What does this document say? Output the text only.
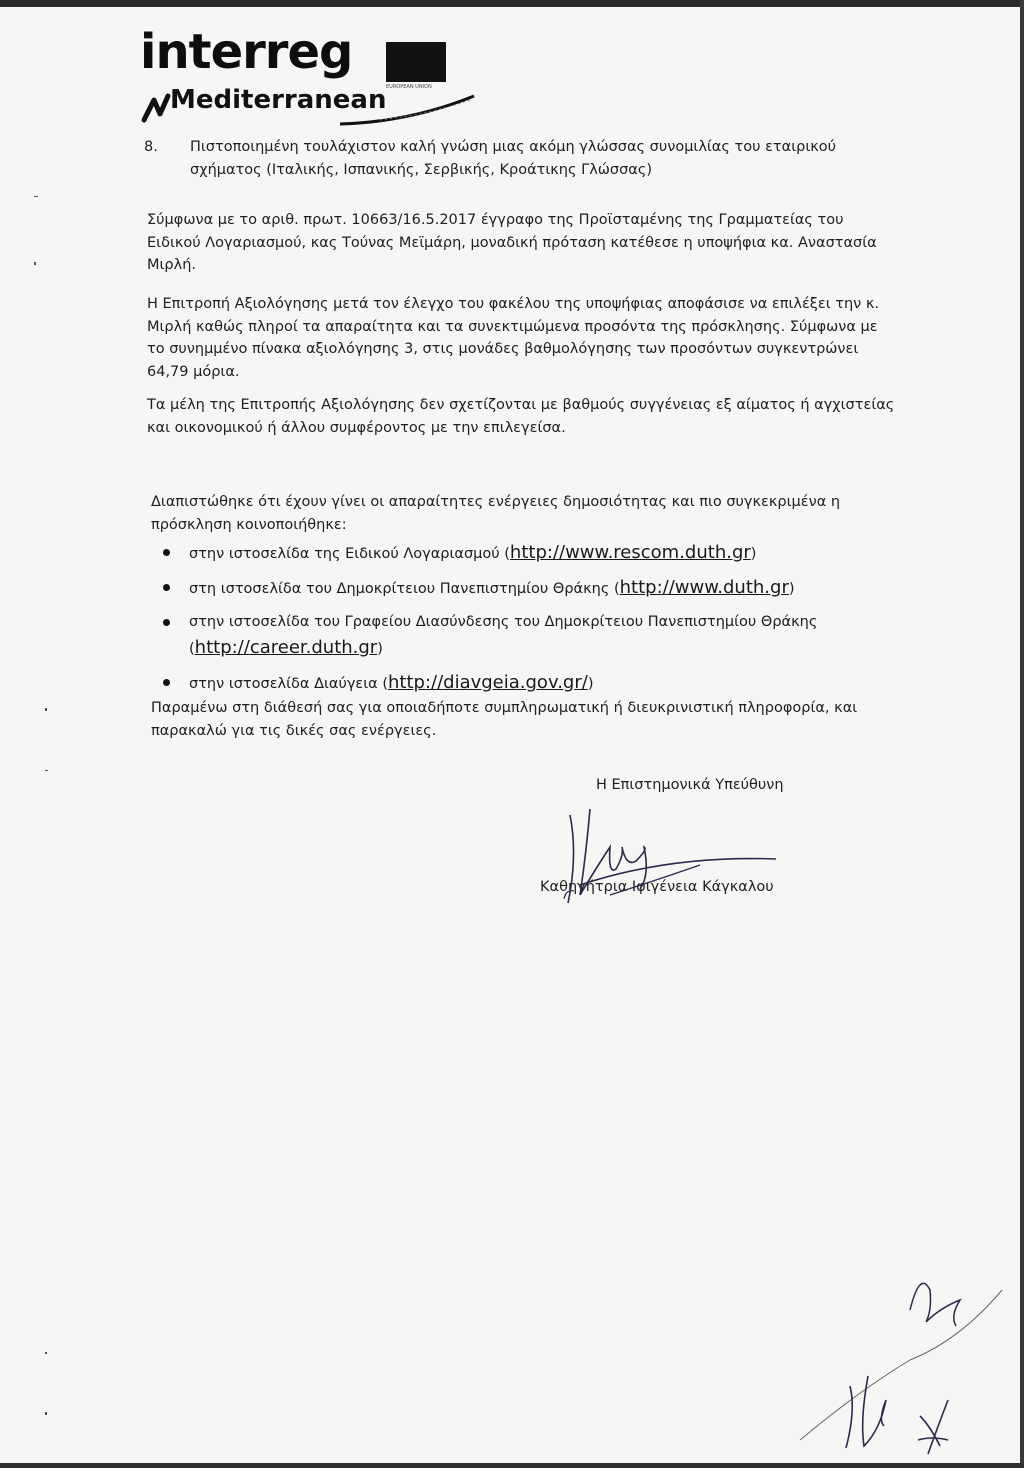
interreg
EUROPEAN UNION
Mediterranean
8. Πιστοποιημένη τουλάχιστον καλή γνώση μιας ακόμη γλώσσας συνομιλίας του εταιρικού σχήματος (Ιταλικής, Ισπανικής, Σερβικής, Κροάτικης Γλώσσας)
Σύμφωνα με το αριθ. πρωτ. 10663/16.5.2017 έγγραφο της Προϊσταμένης της Γραμματείας του Ειδικού Λογαριασμού, κας Τούνας Μεϊμάρη, μοναδική πρόταση κατέθεσε η υποψήφια κα. Αναστασία Μιρλή.
Η Επιτροπή Αξιολόγησης μετά τον έλεγχο του φακέλου της υποψήφιας αποφάσισε να επιλέξει την κ. Μιρλή καθώς πληροί τα απαραίτητα και τα συνεκτιμώμενα προσόντα της πρόσκλησης. Σύμφωνα με το συνημμένο πίνακα αξιολόγησης 3, στις μονάδες βαθμολόγησης των προσόντων συγκεντρώνει 64,79 μόρια.
Τα μέλη της Επιτροπής Αξιολόγησης δεν σχετίζονται με βαθμούς συγγένειας εξ αίματος ή αγχιστείας και οικονομικού ή άλλου συμφέροντος με την επιλεγείσα.
Διαπιστώθηκε ότι έχουν γίνει οι απαραίτητες ενέργειες δημοσιότητας και πιο συγκεκριμένα η πρόσκληση κοινοποιήθηκε:
στην ιστοσελίδα της Ειδικού Λογαριασμού (http://www.rescom.duth.gr)
στη ιστοσελίδα του Δημοκρίτειου Πανεπιστημίου Θράκης (http://www.duth.gr)
στην ιστοσελίδα του Γραφείου Διασύνδεσης του Δημοκρίτειου Πανεπιστημίου Θράκης
(http://career.duth.gr)
στην ιστοσελίδα Διαύγεια (http://diavgeia.gov.gr/)
Παραμένω στη διάθεσή σας για οποιαδήποτε συμπληρωματική ή διευκρινιστική πληροφορία, και παρακαλώ για τις δικές σας ενέργειες.
Η Επιστημονικά Υπεύθυνη
Καθηγήτρια Ιφιγένεια Κάγκαλου
